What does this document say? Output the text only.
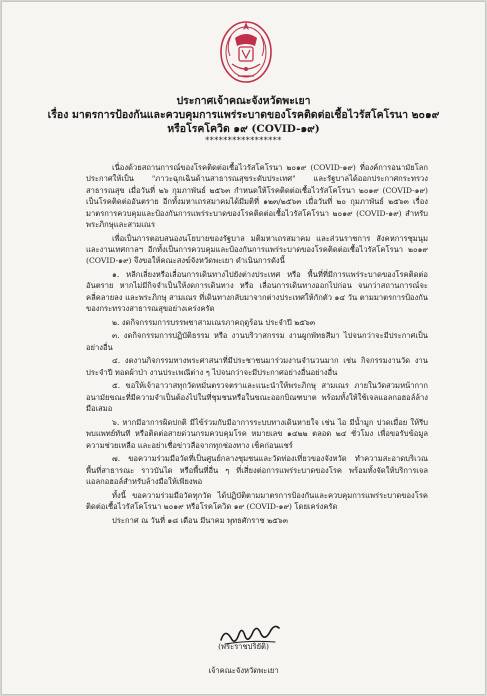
ประกาศเจ้าคณะจังหวัดพะเยา
เรื่อง มาตรการป้องกันและควบคุมการแพร่ระบาดของโรคติดต่อเชื้อไวรัสโคโรนา ๒๐๑๙
หรือโรคโควิด ๑๙ (COVID-๑๙)
*****************

เนื่องด้วยสถานการณ์ของโรคติดต่อเชื้อไวรัสโคโรนา ๒๐๑๙ (COVID-๑๙) ที่องค์การอนามัยโลกประกาศให้เป็น "ภาวะฉุกเฉินด้านสาธารณสุขระดับประเทศ" และรัฐบาลได้ออกประกาศกระทรวงสาธารณสุข เมื่อวันที่ ๒๖ กุมภาพันธ์ ๒๕๖๓ กำหนดให้โรคติดต่อเชื้อไวรัสโคโรนา ๒๐๑๙ (COVID-๑๙) เป็นโรคติดต่ออันตราย อีกทั้งมหาเถรสมาคมได้มีมติที่ ๑๒๓/๒๕๖๓ เมื่อวันที่ ๒๐ กุมภาพันธ์ ๒๕๖๓ เรื่องมาตรการควบคุมและป้องกันการแพร่ระบาดของโรคติดต่อเชื้อไวรัสโคโรนา ๒๐๑๙ (COVID-๑๙) สำหรับพระภิกษุและสามเณร

เพื่อเป็นการตอบสนองนโยบายของรัฐบาล มติมหาเถรสมาคม และส่วนราชการ สังคหการชุมนุม และงานเทศกาลฯ อีกทั้งเป็นการควบคุมและป้องกันการแพร่ระบาดของโรคติดต่อเชื้อไวรัสโคโรนา ๒๐๑๙ (COVID-๑๙) จึงขอให้คณะสงฆ์จังหวัดพะเยา ดำเนินการดังนี้

๑. หลีกเลี่ยงหรือเลื่อนการเดินทางไปยังต่างประเทศ หรือ พื้นที่ที่มีการแพร่ระบาดของโรคติดต่ออันตราย หากไม่มีกิจจำเป็นให้งดการเดินทาง หรือ เลื่อนการเดินทางออกไปก่อน จนกว่าสถานการณ์จะคลี่คลายลง และพระภิกษุ สามเณร ที่เดินทางกลับมาจากต่างประเทศให้กักตัว ๑๔ วัน ตามมาตรการป้องกัน ของกระทรวงสาธารณสุขอย่างเคร่งครัด

๒. งดกิจกรรมการบรรพชาสามเณรภาคฤดูร้อน ประจำปี ๒๕๖๓

๓. งดกิจกรรมการปฏิบัติธรรม หรือ งานบริวาสกรรม งานผูกพัทธสีมา ไปจนกว่าจะมีประกาศเป็นอย่างอื่น

๔. งดงานกิจกรรมทางพระศาสนาที่มีประชาชนมาร่วมงานจำนวนมาก เช่น กิจกรรมงานวัด งานประจำปี ทอดผ้าป่า งานประเพณีต่าง ๆ ไปจนกว่าจะมีประกาศอย่างอื่นอย่างอื่น

๕. ขอให้เจ้าอาวาสทุกวัดหมั่นตรวจตราและแนะนำให้พระภิกษุ สามเณร ภายในวัดสวมหน้ากากอนามัยขณะที่มีความจำเป็นต้องไปในที่ชุมชนหรือในขณะออกบิณฑบาต พร้อมทั้งให้ใช้เจลแอลกอฮอล์ล้างมือเสมอ

๖. หากมีอาการผิดปกติ มีไข้ร่วมกับมีอาการระบบทางเดินหายใจ เช่น ไอ มีน้ำมูก ปวดเมื่อย ให้รีบพบแพทย์ทันที หรือติดต่อสายด่วนกรมควบคุมโรค หมายเลข ๑๔๒๒ ตลอด ๒๔ ชั่วโมง เพื่อขอรับข้อมูลความช่วยเหลือ และอย่าเชื่อข่าวลือจากทุกช่องทาง เช็คก่อนแชร์

๗. ขอความร่วมมือวัดที่เป็นศูนย์กลางชุมชนและวัดท่องเที่ยวของจังหวัด ทำความสะอาดบริเวณพื้นที่สาธารณะ ราวบันได หรือพื้นที่อื่น ๆ ที่เสี่ยงต่อการแพร่ระบาดของโรค พร้อมทั้งจัดให้บริการเจลแอลกอฮอล์สำหรับล้างมือให้เพียงพอ

ทั้งนี้ ขอความร่วมมือวัดทุกวัด ได้ปฏิบัติตามมาตรการป้องกันและควบคุมการแพร่ระบาดของโรคติดต่อเชื้อไวรัสโคโรนา ๒๐๑๙ หรือโรคโควิด ๑๙ (COVID-๑๙) โดยเคร่งครัด

ประกาศ ณ วันที่ ๑๘ เดือน มีนาคม พุทธศักราช ๒๕๖๓

(พระราชปริยัติ)
เจ้าคณะจังหวัดพะเยา
